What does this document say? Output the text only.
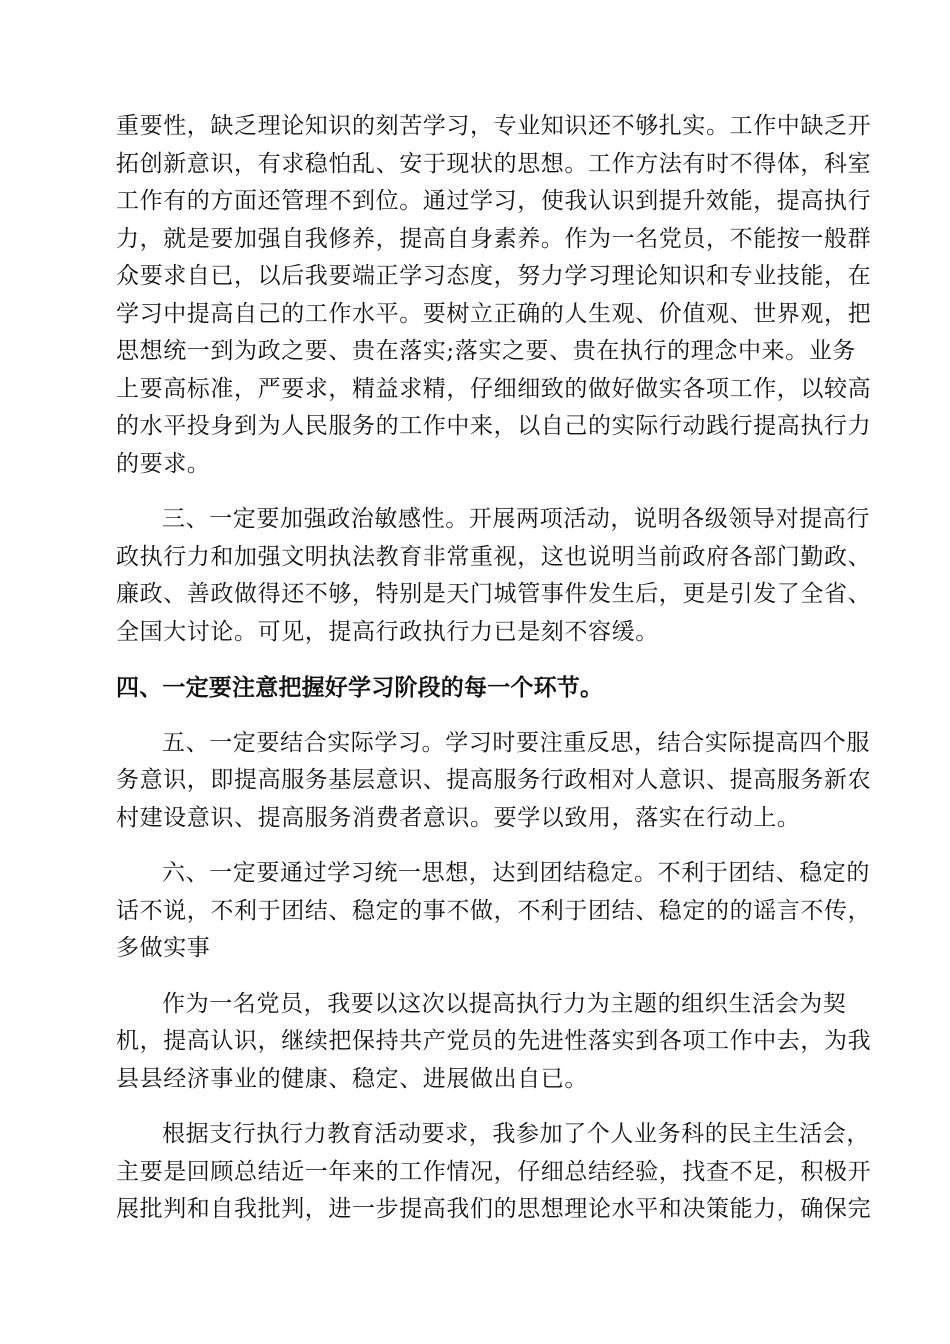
重要性，缺乏理论知识的刻苦学习，专业知识还不够扎实。工作中缺乏开
拓创新意识，有求稳怕乱、安于现状的思想。工作方法有时不得体，科室
工作有的方面还管理不到位。通过学习，使我认识到提升效能，提高执行
力，就是要加强自我修养，提高自身素养。作为一名党员，不能按一般群
众要求自已，以后我要端正学习态度，努力学习理论知识和专业技能，在
学习中提高自己的工作水平。要树立正确的人生观、价值观、世界观，把
思想统一到为政之要、贵在落实;落实之要、贵在执行的理念中来。业务
上要高标准，严要求，精益求精，仔细细致的做好做实各项工作，以较高
的水平投身到为人民服务的工作中来，以自己的实际行动践行提高执行力
的要求。
三、一定要加强政治敏感性。开展两项活动，说明各级领导对提高行
政执行力和加强文明执法教育非常重视，这也说明当前政府各部门勤政、
廉政、善政做得还不够，特别是天门城管事件发生后，更是引发了全省、
全国大讨论。可见，提高行政执行力已是刻不容缓。
四、一定要注意把握好学习阶段的每一个环节。
五、一定要结合实际学习。学习时要注重反思，结合实际提高四个服
务意识，即提高服务基层意识、提高服务行政相对人意识、提高服务新农
村建设意识、提高服务消费者意识。要学以致用，落实在行动上。
六、一定要通过学习统一思想，达到团结稳定。不利于团结、稳定的
话不说，不利于团结、稳定的事不做，不利于团结、稳定的的谣言不传，
多做实事
作为一名党员，我要以这次以提高执行力为主题的组织生活会为契
机，提高认识，继续把保持共产党员的先进性落实到各项工作中去，为我
县县经济事业的健康、稳定、进展做出自已。
根据支行执行力教育活动要求，我参加了个人业务科的民主生活会，
主要是回顾总结近一年来的工作情况，仔细总结经验，找查不足，积极开
展批判和自我批判，进一步提高我们的思想理论水平和决策能力，确保完
